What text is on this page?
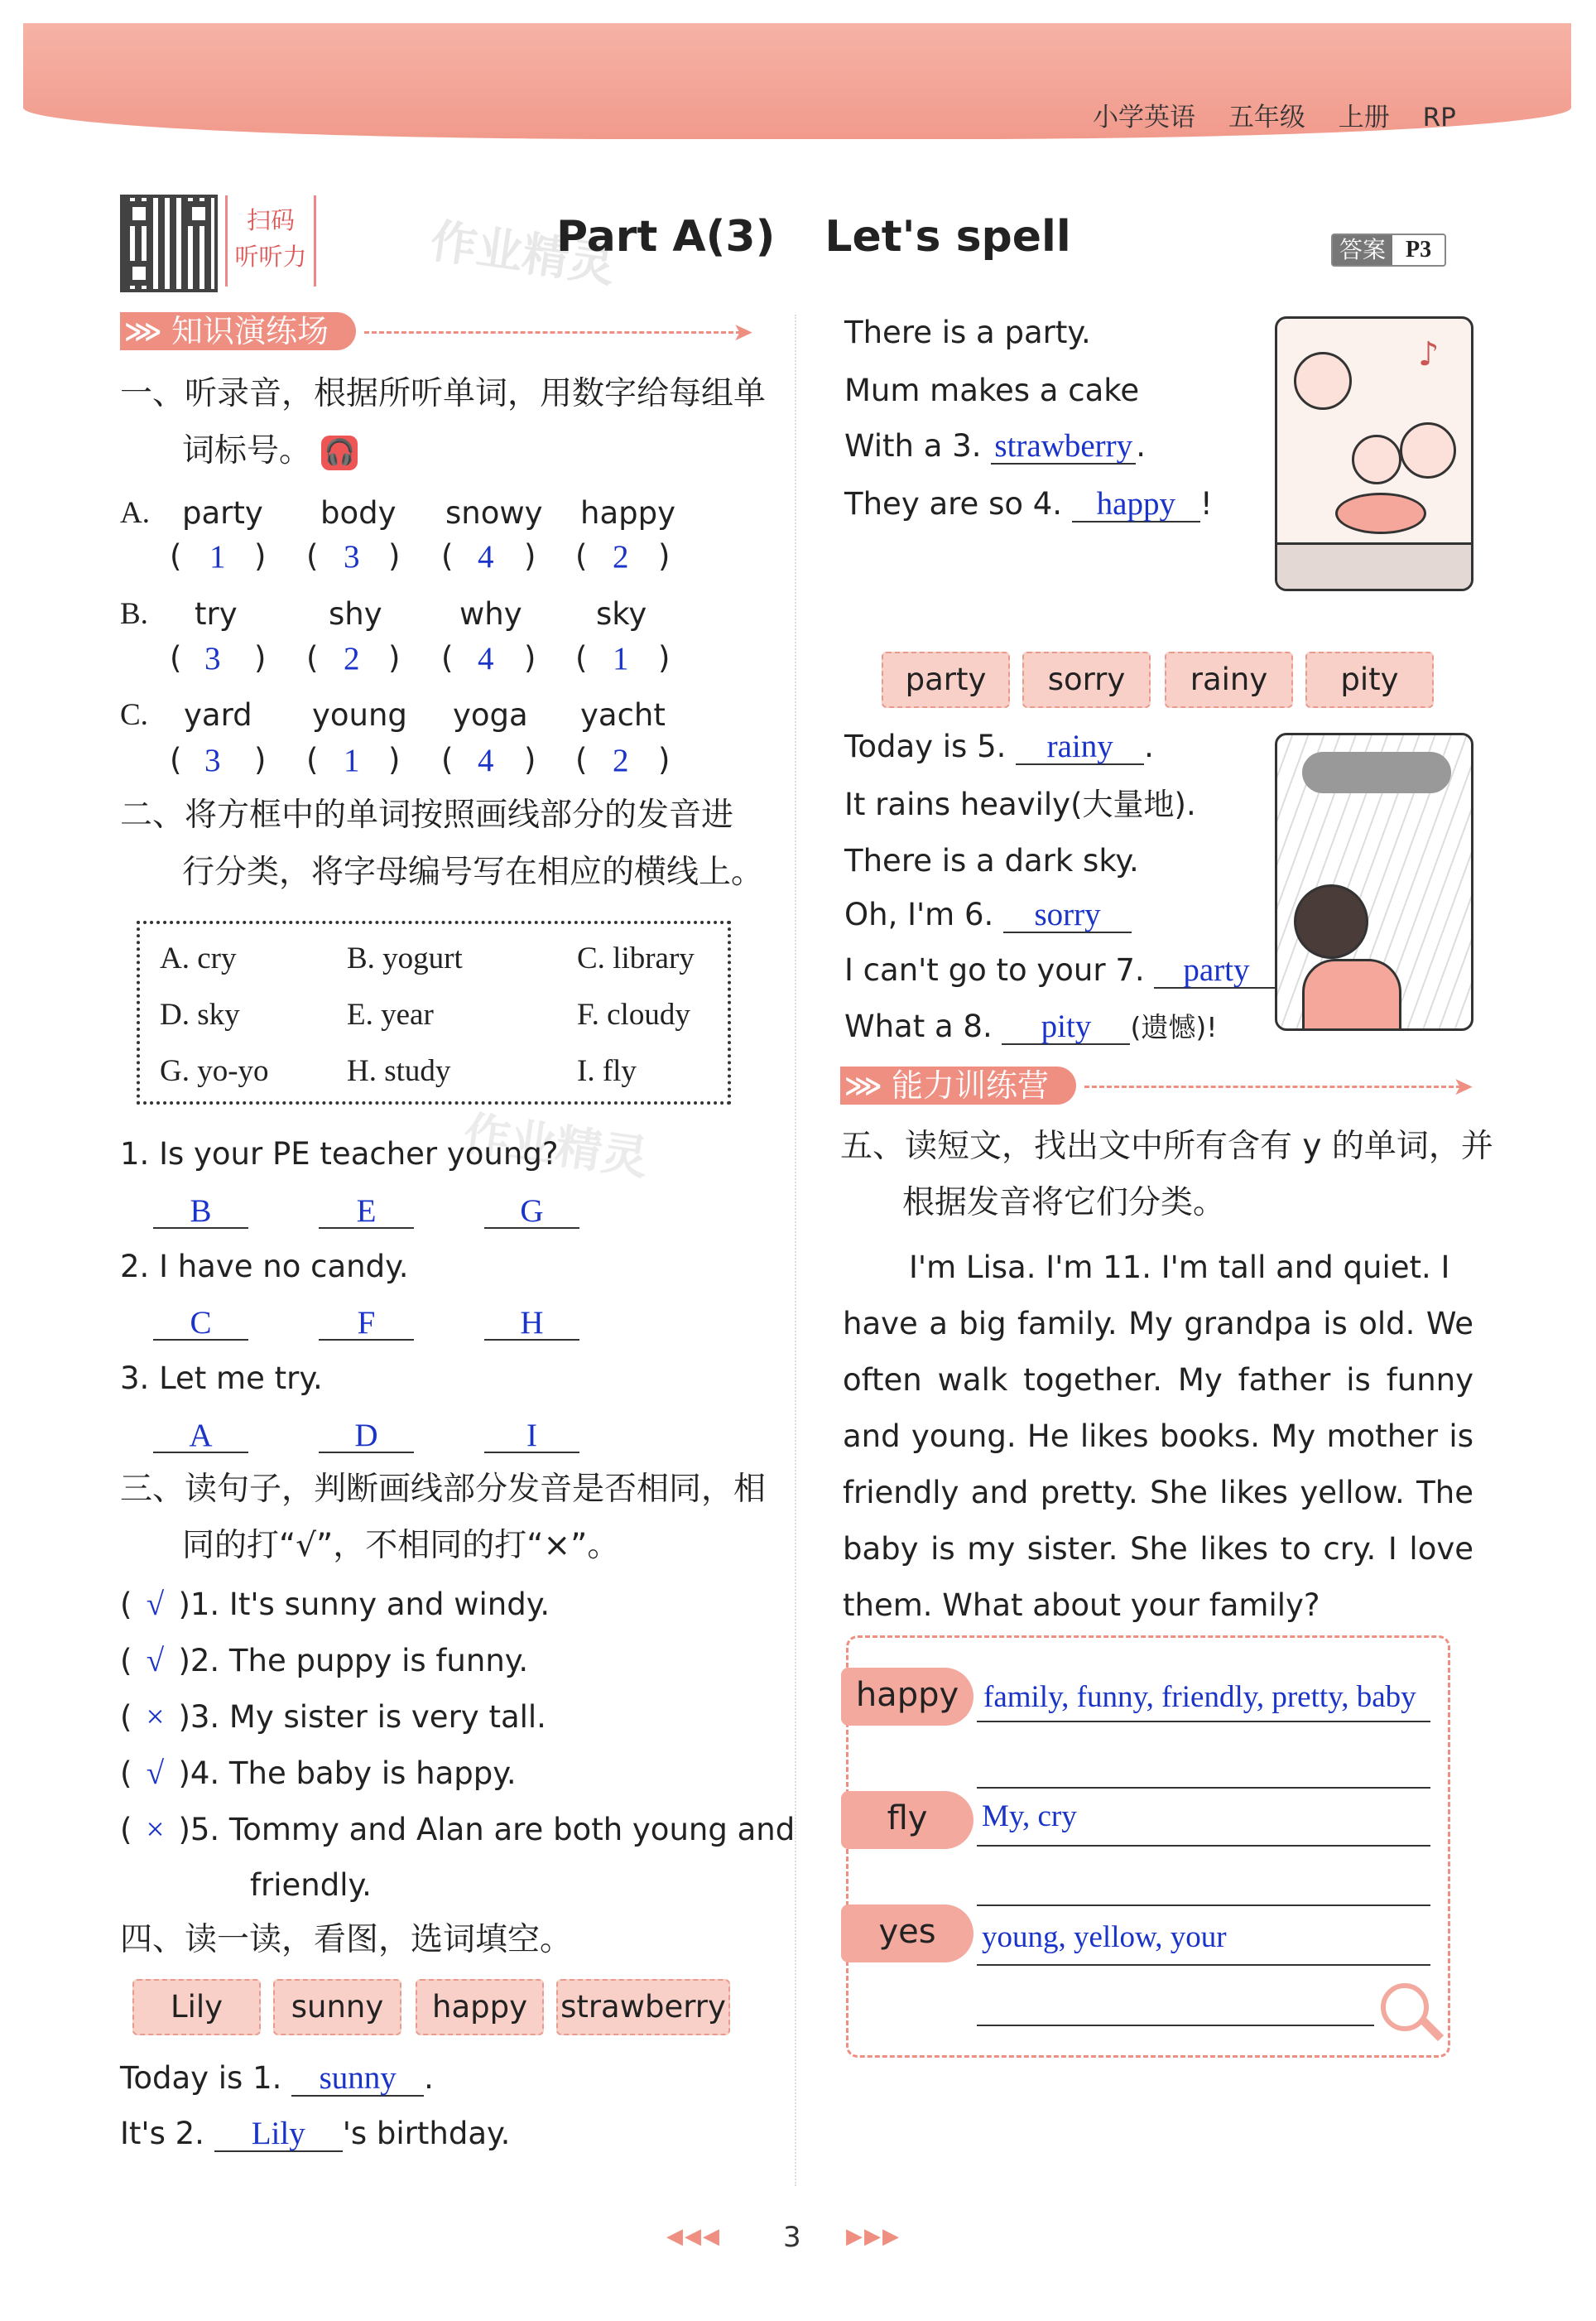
小学英语 五年级 上册 RP
扫码
听听力	作业精灵
Part A(3) Let's spell	答案 P3
知识演练场
⋙	➤
一、听录音，根据所听单词，用数字给每组单
词标号。 🎧
A. party body snowy happy
( 1 ) ( 3 ) ( 4 ) ( 2 )
B. try	shy	why sky
( 3 ) ( 2 ) ( 4 ) ( 1 )
C. yard young yoga yacht
( 3 ) ( 1 ) ( 4 ) ( 2 )
二、将方框中的单词按照画线部分的发音进
行分类，将字母编号写在相应的横线上。
A. cry	B. yogurt	C. library
D. sky	E. year	F. cloudy
G. yo-yo	H. study	I. fly
作业精灵
1. Is your PE teacher young?
B	E	G
2. I have no candy.
C	F	H
3. Let me try.
A	D	I
三、读句子，判断画线部分发音是否相同，相
同的打“√”，不相同的打“×”。
( √ )1. It's sunny and windy.
( √ )2. The puppy is funny.
( × )3. My sister is very tall.
( √ )4. The baby is happy.
( × )5. Tommy and Alan are both young and
friendly.
四、读一读，看图，选词填空。
Lily	sunny	happy	strawberry
Today is 1. sunny .
It's 2. Lily 's birthday.
There is a party.
Mum makes a cake
With a 3. strawberry .
They are so 4. happy !
♪
party	sorry	rainy	pity
Today is 5. rainy .
It rains heavily(大量地).
There is a dark sky.
Oh, I'm 6. sorry
I can't go to your 7. party
What a 8. pity (遗憾)!
能力训练营
⋙	➤
五、读短文，找出文中所有含有 y 的单词，并
根据发音将它们分类。
I'm Lisa. I'm 11. I'm tall and quiet. I
have a big family. My grandpa is old. We
often walk together. My father is funny
and young. He likes books. My mother is
friendly and pretty. She likes yellow. The
baby is my sister. She likes to cry. I love
them. What about your family?
happy family, funny, friendly, pretty, baby
fly	My, cry
yes	young, yellow, your
◀◀◀ 3 ▶▶▶
